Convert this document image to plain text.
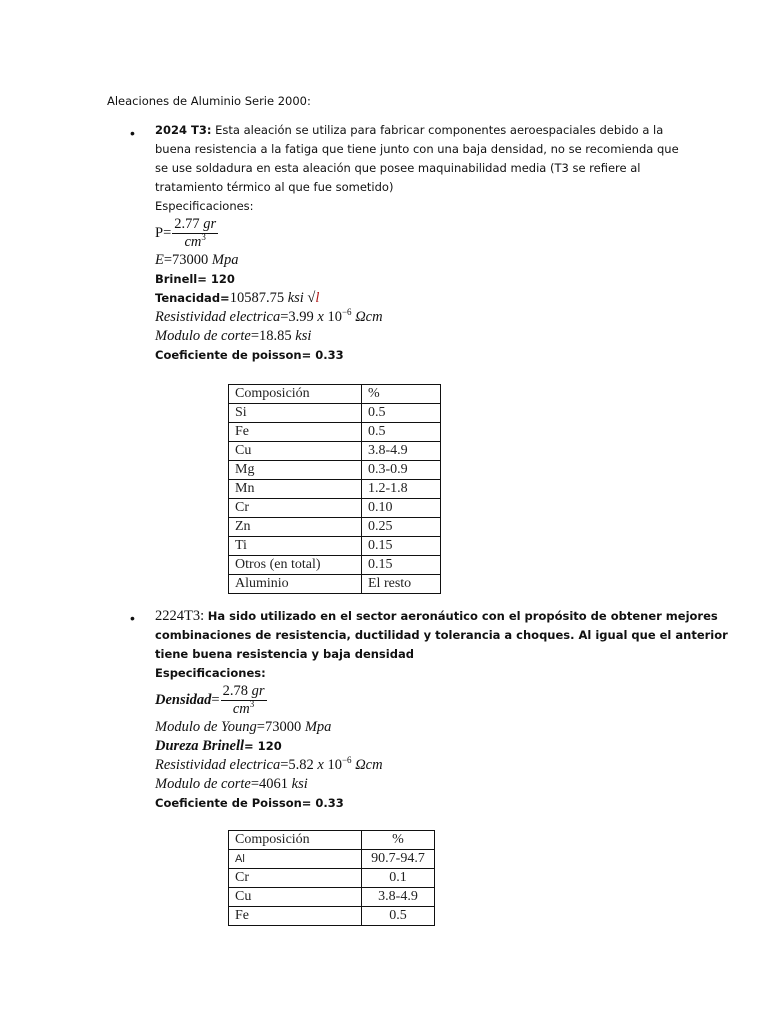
Aleaciones de Aluminio Serie 2000:
• 2024 T3: Esta aleación se utiliza para fabricar componentes aeroespaciales debido a la
buena resistencia a la fatiga que tiene junto con una baja densidad, no se recomienda que
se use soldadura en esta aleación que posee maquinabilidad media (T3 se refiere al
tratamiento térmico al que fue sometido)
Especificaciones:
$P= \frac{2.77 gr}{cm^3}$
E=73000 Mpa
Brinell= 120
Tenacidad=10587.75 ksi √l
Resistividad electrica=3.99 x $10^{-6}$ Ωcm
Modulo de corte=18.85 ksi
Coeficiente de poisson= 0.33
Composición	%
Si	0.5
Fe	0.5
Cu	3.8-4.9
Mg	0.3-0.9
Mn	1.2-1.8
Cr	0.10
Zn	0.25
Ti	0.15
Otros (en total)	0.15
Aluminio	El resto
• 2224T3: Ha sido utilizado en el sector aeronáutico con el propósito de obtener mejores
combinaciones de resistencia, ductilidad y tolerancia a choques. Al igual que el anterior
tiene buena resistencia y baja densidad
Especificaciones:
Densidad= $\frac{2.78 gr}{cm^3}$
Modulo de Young=73000 Mpa
Dureza Brinell= 120
Resistividad electrica=5.82 x $10^{-6}$ Ωcm
Modulo de corte=4061 ksi
Coeficiente de Poisson= 0.33
Composición	%
Al	90.7-94.7
Cr	0.1
Cu	3.8-4.9
Fe	0.5
